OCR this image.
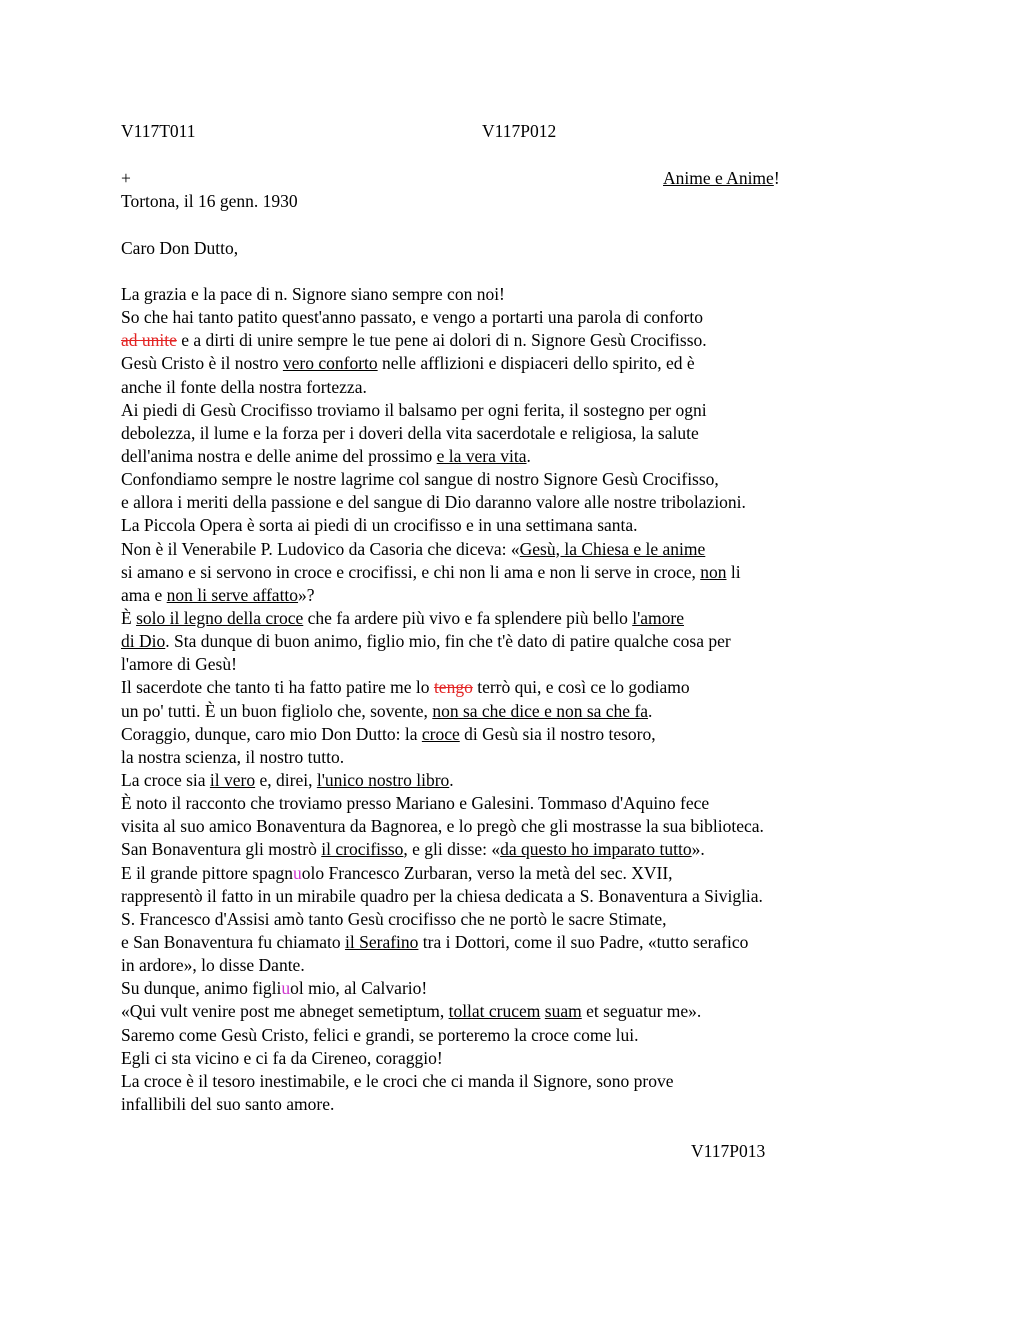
V117T011	V117P012
+	Anime e Anime!
Tortona, il 16 genn. 1930
Caro Don Dutto,
La grazia e la pace di n. Signore siano sempre con noi!
So che hai tanto patito quest'anno passato, e vengo a portarti una parola di conforto
ad unite e a dirti di unire sempre le tue pene ai dolori di n. Signore Gesù Crocifisso.
Gesù Cristo è il nostro vero conforto nelle afflizioni e dispiaceri dello spirito, ed è
anche il fonte della nostra fortezza.
Ai piedi di Gesù Crocifisso troviamo il balsamo per ogni ferita, il sostegno per ogni
debolezza, il lume e la forza per i doveri della vita sacerdotale e religiosa, la salute
dell'anima nostra e delle anime del prossimo e la vera vita.
Confondiamo sempre le nostre lagrime col sangue di nostro Signore Gesù Crocifisso,
e allora i meriti della passione e del sangue di Dio daranno valore alle nostre tribolazioni.
La Piccola Opera è sorta ai piedi di un crocifisso e in una settimana santa.
Non è il Venerabile P. Ludovico da Casoria che diceva: «Gesù, la Chiesa e le anime
si amano e si servono in croce e crocifissi, e chi non li ama e non li serve in croce, non li
ama e non li serve affatto»?
È solo il legno della croce che fa ardere più vivo e fa splendere più bello l'amore
di Dio. Sta dunque di buon animo, figlio mio, fin che t'è dato di patire qualche cosa per
l'amore di Gesù!
Il sacerdote che tanto ti ha fatto patire me lo tengo terrò qui, e così ce lo godiamo
un po' tutti. È un buon figliolo che, sovente, non sa che dice e non sa che fa.
Coraggio, dunque, caro mio Don Dutto: la croce di Gesù sia il nostro tesoro,
la nostra scienza, il nostro tutto.
La croce sia il vero e, direi, l'unico nostro libro.
È noto il racconto che troviamo presso Mariano e Galesini. Tommaso d'Aquino fece
visita al suo amico Bonaventura da Bagnorea, e lo pregò che gli mostrasse la sua biblioteca.
San Bonaventura gli mostrò il crocifisso, e gli disse: «da questo ho imparato tutto».
E il grande pittore spagnuolo Francesco Zurbaran, verso la metà del sec. XVII,
rappresentò il fatto in un mirabile quadro per la chiesa dedicata a S. Bonaventura a Siviglia.
S. Francesco d'Assisi amò tanto Gesù crocifisso che ne portò le sacre Stimate,
e San Bonaventura fu chiamato il Serafino tra i Dottori, come il suo Padre, «tutto serafico
in ardore», lo disse Dante.
Su dunque, animo figliuol mio, al Calvario!
«Qui vult venire post me abneget semetiptum, tollat crucem suam et seguatur me».
Saremo come Gesù Cristo, felici e grandi, se porteremo la croce come lui.
Egli ci sta vicino e ci fa da Cireneo, coraggio!
La croce è il tesoro inestimabile, e le croci che ci manda il Signore, sono prove
infallibili del suo santo amore.
V117P013
